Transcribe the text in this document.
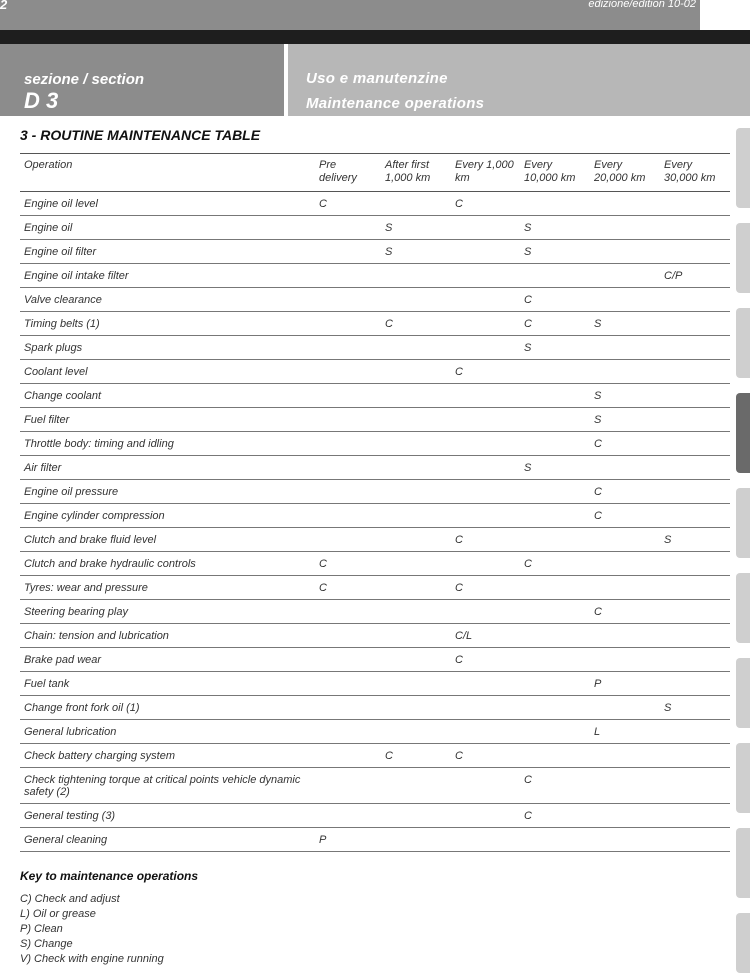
2	edizione/edition 10-02
sezione / section
D 3
Uso e manutenzine
Maintenance operations
3 - ROUTINE MAINTENANCE TABLE
Operation	Pre delivery	After first 1,000 km	Every 1,000 km	Every 10,000 km	Every 20,000 km	Every 30,000 km
Engine oil level	C		C			
Engine oil		S		S		
Engine oil filter		S		S		
Engine oil intake filter						C/P
Valve clearance				C		
Timing belts (1)		C		C	S	
Spark plugs				S		
Coolant level			C			
Change coolant					S	
Fuel filter					S	
Throttle body: timing and idling					C	
Air filter				S		
Engine oil pressure					C	
Engine cylinder compression					C	
Clutch and brake fluid level			C			S
Clutch and brake hydraulic controls	C			C		
Tyres: wear and pressure	C		C			
Steering bearing play					C	
Chain: tension and lubrication			C/L			
Brake pad wear			C			
Fuel tank					P	
Change front fork oil (1)						S
General lubrication					L	
Check battery charging system		C	C			
Check tightening torque at critical points vehicle dynamic safety (2)				C		
General testing (3)				C		
General cleaning	P					
Key to maintenance operations
C) Check and adjust
L) Oil or grease
P) Clean
S) Change
V) Check with engine running
